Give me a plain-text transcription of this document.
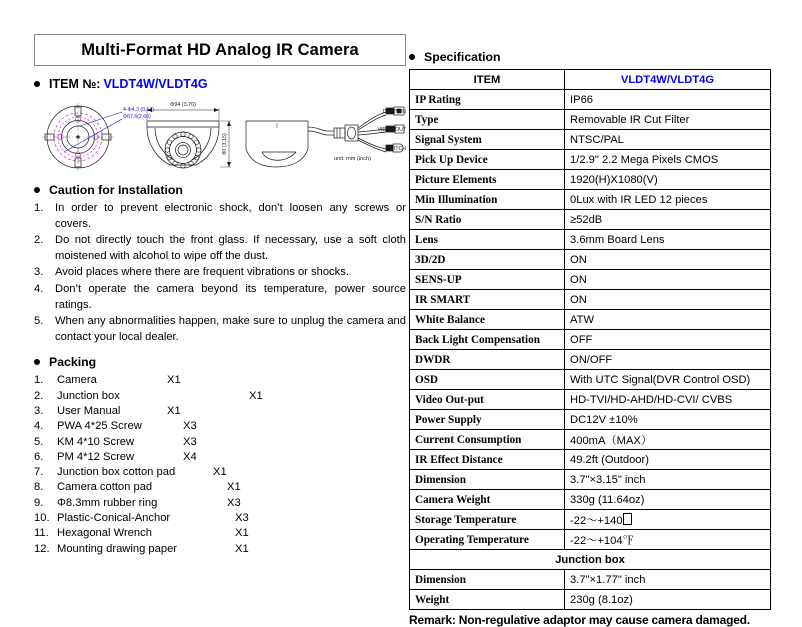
Multi-Format HD Analog IR Camera
ITEM №: VLDT4W/VLDT4G
Φ94 (3.70)
80 (3.15)
unit: mm (inch)
DC12V IN
VIDEO OUT
SWITCH
4-Φ4.3 (0.17)
Φ67.6(2.66)
Caution for Installation
1.	In order to prevent electronic shock, don’t loosen any screws or covers.
2.	Do not directly touch the front glass. If necessary, use a soft cloth moistened with alcohol to wipe off the dust.
3.	Avoid places where there are frequent vibrations or shocks.
4.	Don’t operate the camera beyond its temperature, power source ratings.
5.	When any abnormalities happen, make sure to unplug the camera and contact your local dealer.
Packing
1.	Camera	X1
2.	Junction box	X1
3.	User Manual	X1
4.	PWA 4*25 Screw	X3
5.	KM 4*10 Screw	X3
6.	PM 4*12 Screw	X4
7.	Junction box cotton pad	X1
8.	Camera cotton pad	X1
9.	Φ8.3mm rubber ring	X3
10. Plastic-Conical-Anchor	X3
11. Hexagonal Wrench	X1
12. Mounting drawing paper	X1
Specification
ITEM	VLDT4W/VLDT4G
IP Rating	IP66
Type	Removable IR Cut Filter
Signal System	NTSC/PAL
Pick Up Device	1/2.9" 2.2 Mega Pixels CMOS
Picture Elements	1920(H)X1080(V)
Min Illumination	0Lux with IR LED 12 pieces
S/N Ratio	≥52dB
Lens	3.6mm Board Lens
3D/2D	ON
SENS-UP	ON
IR SMART	ON
White Balance	ATW
Back Light Compensation	OFF
DWDR	ON/OFF
OSD	With UTC Signal(DVR Control OSD)
Video Out-put	HD-TVI/HD-AHD/HD-CVI/ CVBS
Power Supply	DC12V ±10%
Current Consumption	400mA（MAX）
IR Effect Distance	49.2ft (Outdoor)
Dimension	3.7"×3.15" inch
Camera Weight	330g (11.64oz)
Storage Temperature	-22～+140
Operating Temperature	-22～+104℉
Junction box	
Dimension	3.7"×1.77" inch
Weight	230g (8.1oz)
Remark: Non-regulative adaptor may cause camera damaged.
